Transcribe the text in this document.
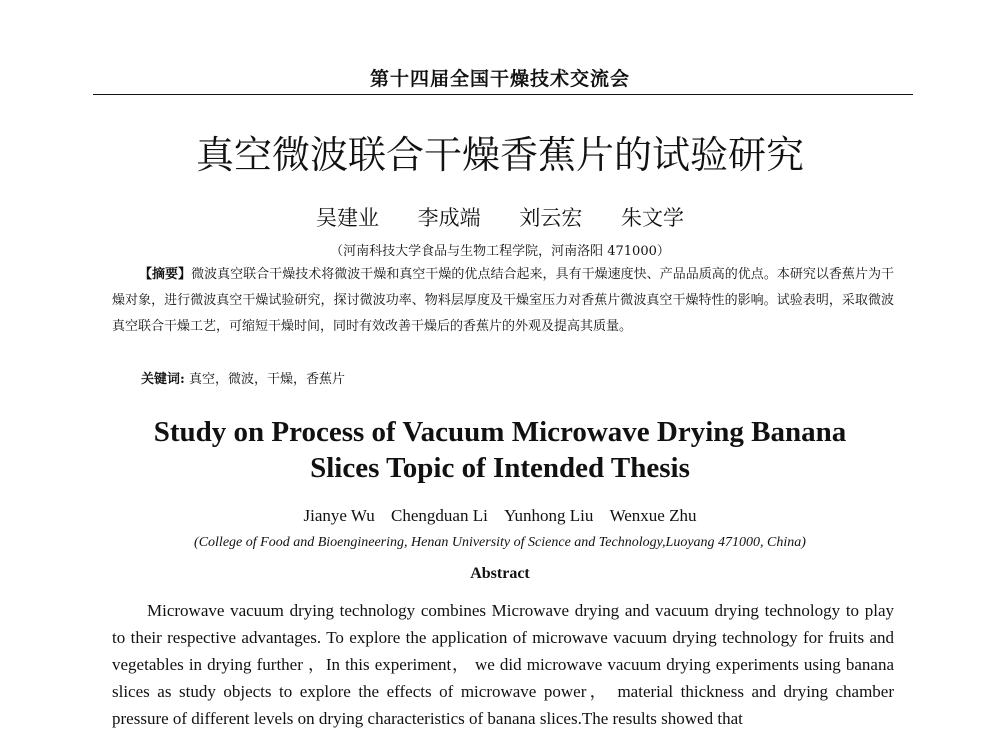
第十四届全国干燥技术交流会
真空微波联合干燥香蕉片的试验研究
吴建业 李成端 刘云宏 朱文学
（河南科技大学食品与生物工程学院，河南洛阳 471000）
【摘要】微波真空联合干燥技术将微波干燥和真空干燥的优点结合起来，具有干燥速度快、产品品质高的优点。本研究以香蕉片为干燥对象，进行微波真空干燥试验研究，探讨微波功率、物料层厚度及干燥室压力对香蕉片微波真空干燥特性的影响。试验表明，采取微波真空联合干燥工艺，可缩短干燥时间，同时有效改善干燥后的香蕉片的外观及提高其质量。
关键词: 真空，微波，干燥，香蕉片
Study on Process of Vacuum Microwave Drying Banana
Slices Topic of Intended Thesis
Jianye Wu Chengduan Li Yunhong Liu Wenxue Zhu
(College of Food and Bioengineering, Henan University of Science and Technology,Luoyang 471000, China)
Abstract
Microwave vacuum drying technology combines Microwave drying and vacuum drying technology to play to their respective advantages. To explore the application of microwave vacuum drying technology for fruits and vegetables in drying further ，In this experiment， we did microwave vacuum drying experiments using banana slices as study objects to explore the effects of microwave power， material thickness and drying chamber pressure of different levels on drying characteristics of banana slices.The results showed that
